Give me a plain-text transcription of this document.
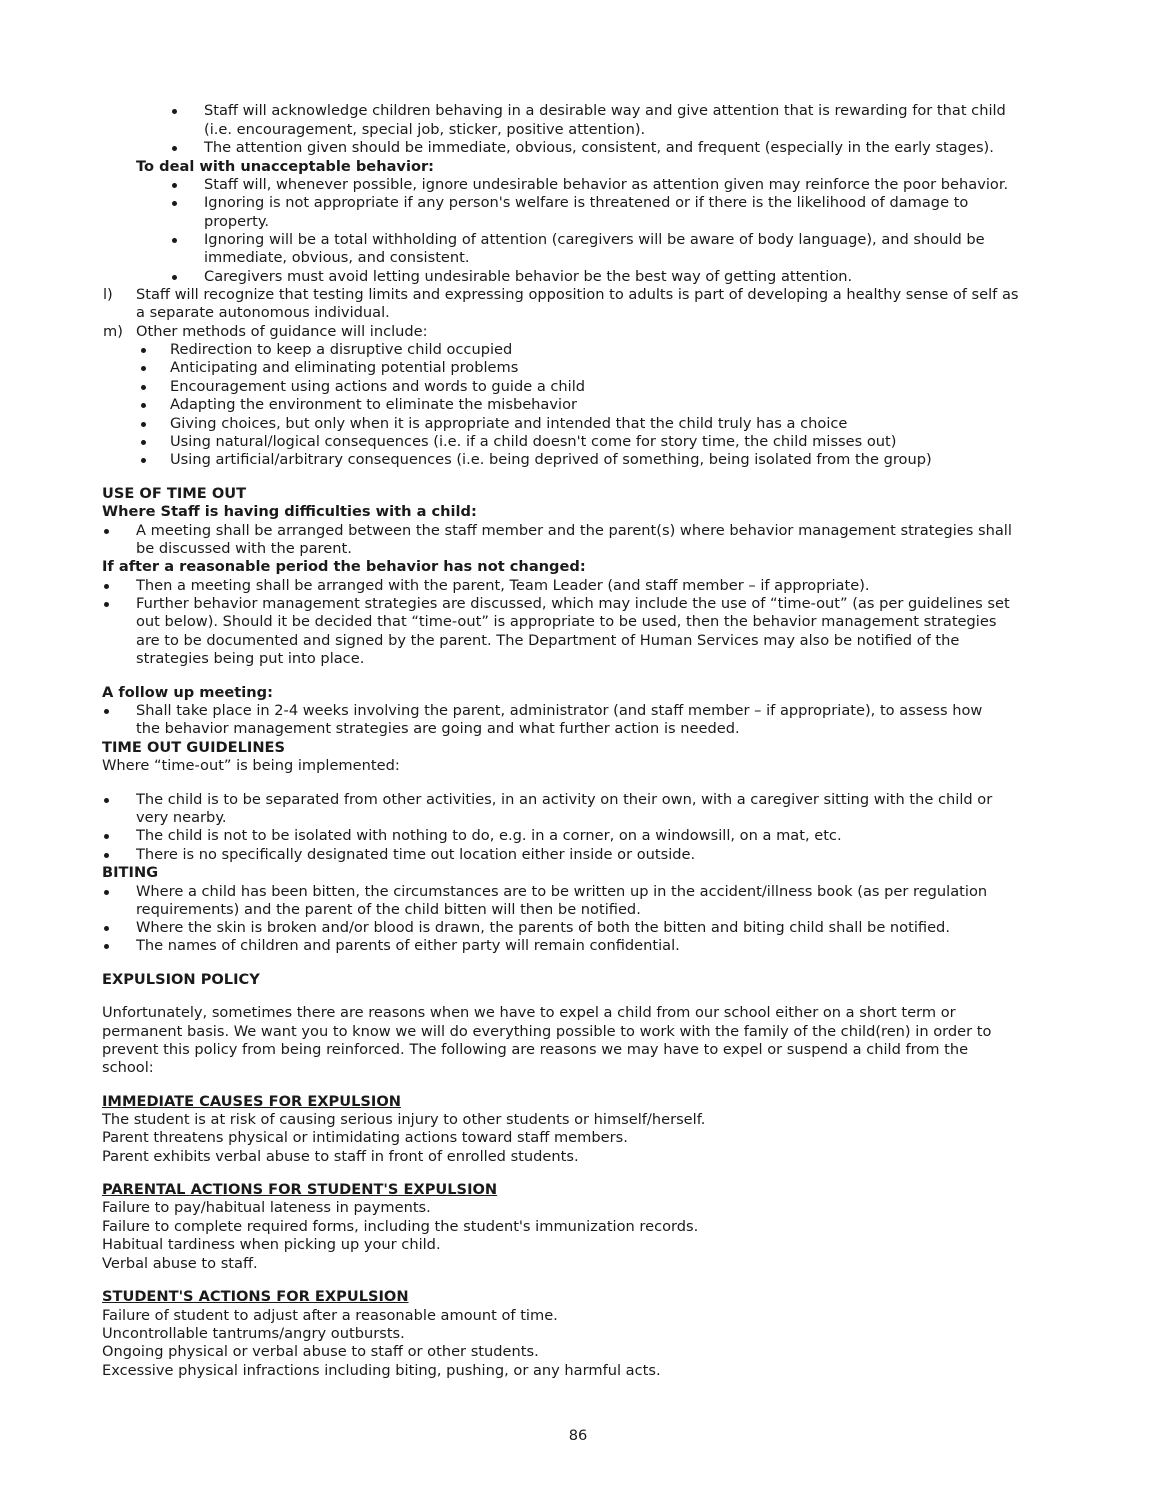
Staff will acknowledge children behaving in a desirable way and give attention that is rewarding for that child
(i.e. encouragement, special job, sticker, positive attention).
The attention given should be immediate, obvious, consistent, and frequent (especially in the early stages).
To deal with unacceptable behavior:
Staff will, whenever possible, ignore undesirable behavior as attention given may reinforce the poor behavior.
Ignoring is not appropriate if any person's welfare is threatened or if there is the likelihood of damage to
property.
Ignoring will be a total withholding of attention (caregivers will be aware of body language), and should be
immediate, obvious, and consistent.
Caregivers must avoid letting undesirable behavior be the best way of getting attention.
l) Staff will recognize that testing limits and expressing opposition to adults is part of developing a healthy sense of self as
a separate autonomous individual.
m) Other methods of guidance will include:
Redirection to keep a disruptive child occupied
Anticipating and eliminating potential problems
Encouragement using actions and words to guide a child
Adapting the environment to eliminate the misbehavior
Giving choices, but only when it is appropriate and intended that the child truly has a choice
Using natural/logical consequences (i.e. if a child doesn't come for story time, the child misses out)
Using artificial/arbitrary consequences (i.e. being deprived of something, being isolated from the group)
USE OF TIME OUT
Where Staff is having difficulties with a child:
A meeting shall be arranged between the staff member and the parent(s) where behavior management strategies shall
be discussed with the parent.
If after a reasonable period the behavior has not changed:
Then a meeting shall be arranged with the parent, Team Leader (and staff member – if appropriate).
Further behavior management strategies are discussed, which may include the use of “time-out” (as per guidelines set
out below). Should it be decided that “time-out” is appropriate to be used, then the behavior management strategies
are to be documented and signed by the parent. The Department of Human Services may also be notified of the
strategies being put into place.
A follow up meeting:
Shall take place in 2-4 weeks involving the parent, administrator (and staff member – if appropriate), to assess how
the behavior management strategies are going and what further action is needed.
TIME OUT GUIDELINES
Where “time-out” is being implemented:
The child is to be separated from other activities, in an activity on their own, with a caregiver sitting with the child or
very nearby.
The child is not to be isolated with nothing to do, e.g. in a corner, on a windowsill, on a mat, etc.
There is no specifically designated time out location either inside or outside.
BITING
Where a child has been bitten, the circumstances are to be written up in the accident/illness book (as per regulation
requirements) and the parent of the child bitten will then be notified.
Where the skin is broken and/or blood is drawn, the parents of both the bitten and biting child shall be notified.
The names of children and parents of either party will remain confidential.
EXPULSION POLICY
Unfortunately, sometimes there are reasons when we have to expel a child from our school either on a short term or
permanent basis. We want you to know we will do everything possible to work with the family of the child(ren) in order to
prevent this policy from being reinforced. The following are reasons we may have to expel or suspend a child from the
school:
IMMEDIATE CAUSES FOR EXPULSION
The student is at risk of causing serious injury to other students or himself/herself.
Parent threatens physical or intimidating actions toward staff members.
Parent exhibits verbal abuse to staff in front of enrolled students.
PARENTAL ACTIONS FOR STUDENT'S EXPULSION
Failure to pay/habitual lateness in payments.
Failure to complete required forms, including the student's immunization records.
Habitual tardiness when picking up your child.
Verbal abuse to staff.
STUDENT'S ACTIONS FOR EXPULSION
Failure of student to adjust after a reasonable amount of time.
Uncontrollable tantrums/angry outbursts.
Ongoing physical or verbal abuse to staff or other students.
Excessive physical infractions including biting, pushing, or any harmful acts.
86
